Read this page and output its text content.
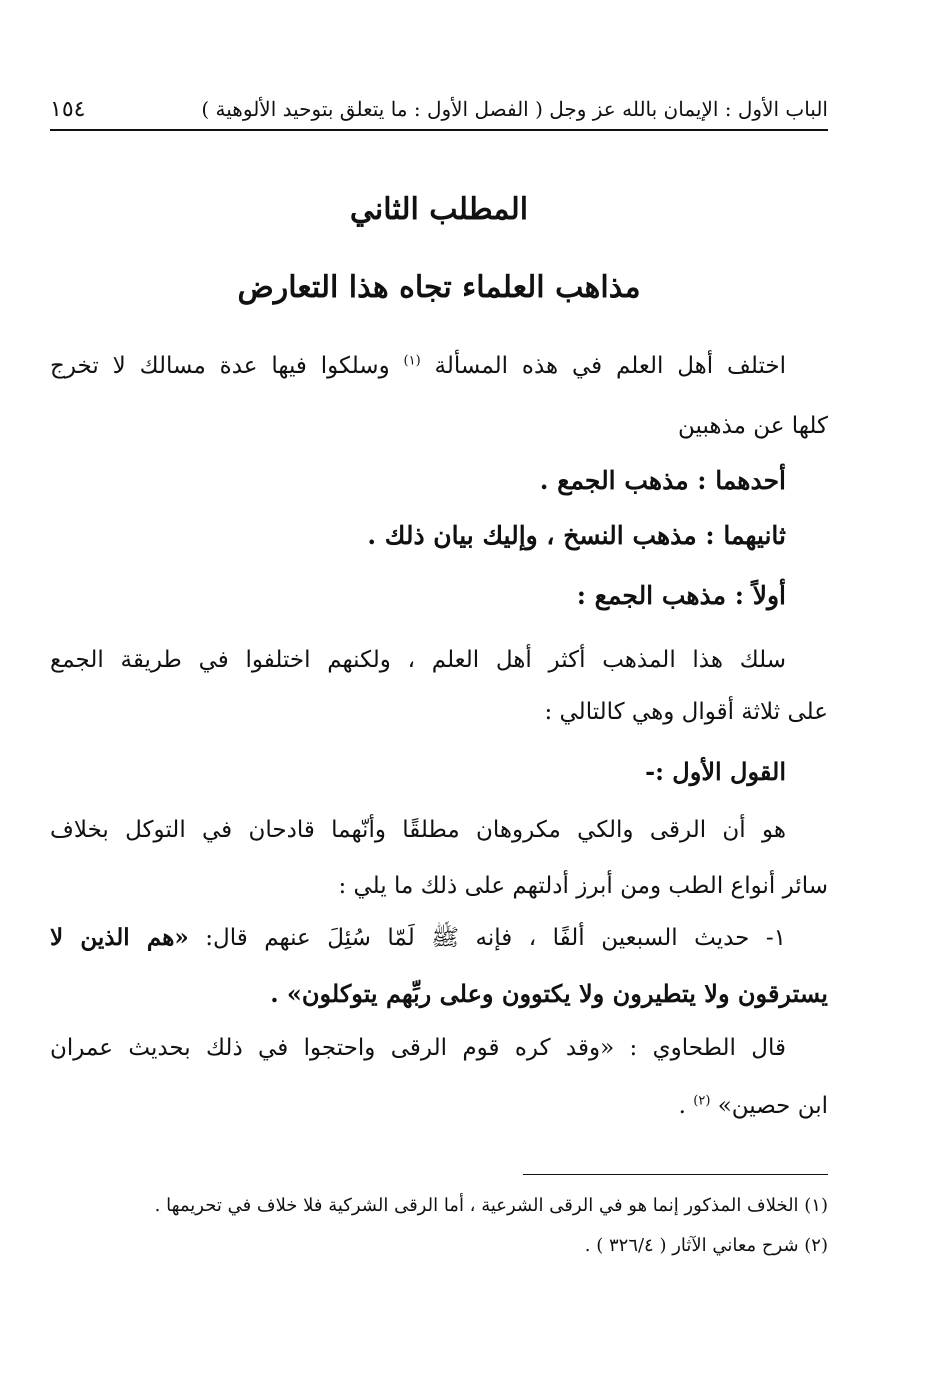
الباب الأول : الإيمان بالله عز وجل ( الفصل الأول : ما يتعلق بتوحيد الألوهية )
١٥٤
المطلب الثاني
مذاهب العلماء تجاه هذا التعارض

اختلف أهل العلم في هذه المسألة $^{(١)}$ وسلكوا فيها عدة مسالك لا تخرج

كلها عن مذهبين

أحدهما : مذهب الجمع .

ثانيهما : مذهب النسخ ، وإليك بيان ذلك .

أولاً : مذهب الجمع :

سلك هذا المذهب أكثر أهل العلم ، ولكنهم اختلفوا في طريقة الجمع

على ثلاثة أقوال وهي كالتالي :

القول الأول :-

هو أن الرقى والكي مكروهان مطلقًا وأنّهما قادحان في التوكل بخلاف

سائر أنواع الطب ومن أبرز أدلتهم على ذلك ما يلي :

١- حديث السبعين ألفًا ، فإنه ﷺ لَمّا سُئِلَ عنهم قال: «هم الذين لا

يسترقون ولا يتطيرون ولا يكتوون وعلى ربِّهم يتوكلون» .

قال الطحاوي : «وقد كره قوم الرقى واحتجوا في ذلك بحديث عمران

ابن حصين» $^{(٢)}$ .

(١) الخلاف المذكور إنما هو في الرقى الشرعية ، أما الرقى الشركية فلا خلاف في تحريمها .

(٢) شرح معاني الآثار ( ٣٢٦/٤ ) .
